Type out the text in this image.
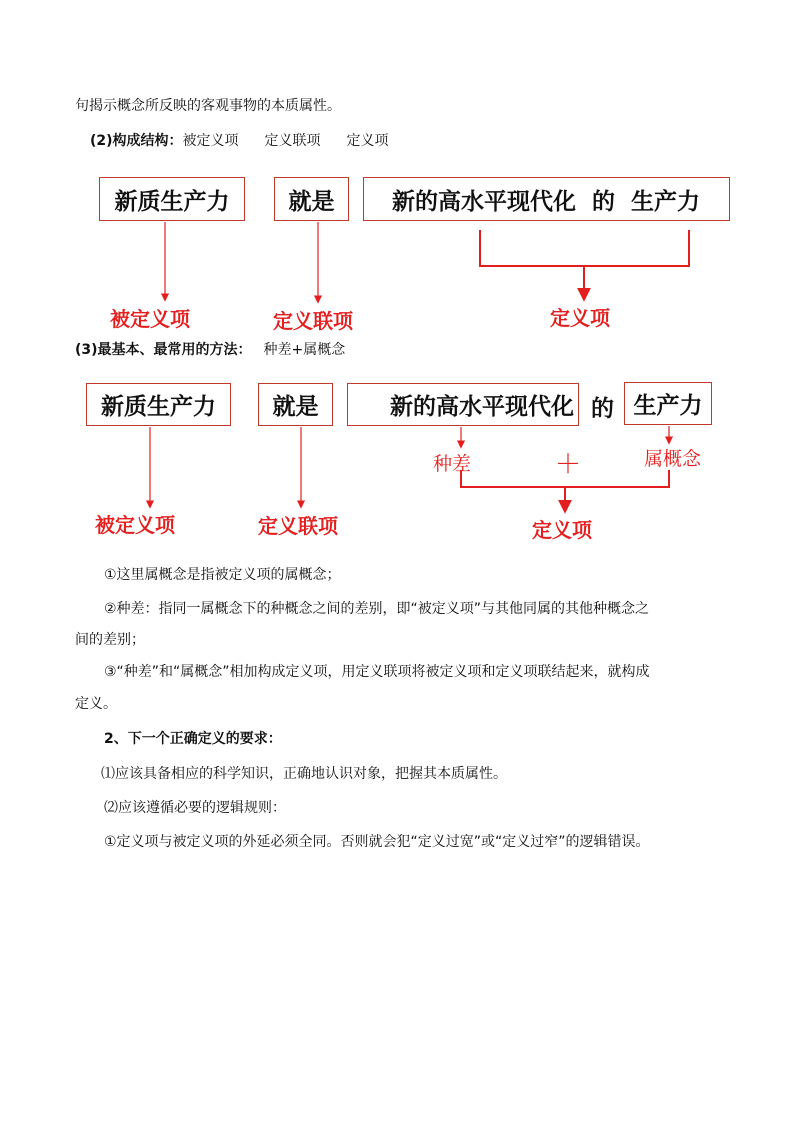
句揭示概念所反映的客观事物的本质属性。
(2)构成结构：被定义项 定义联项 定义项
新质生产力	就是	新的高水平现代化  的  生产力
被定义项	定义联项	定义项
(3)最基本、最常用的方法： 种差+属概念
新质生产力	就是	新的高水平现代化 的 生产力
种差	＋	属概念
被定义项	定义联项	定义项
①这里属概念是指被定义项的属概念；
②种差：指同一属概念下的种概念之间的差别，即“被定义项”与其他同属的其他种概念之
间的差别；
③“种差”和“属概念”相加构成定义项，用定义联项将被定义项和定义项联结起来，就构成
定义。
2、下一个正确定义的要求：
⑴应该具备相应的科学知识，正确地认识对象，把握其本质属性。
⑵应该遵循必要的逻辑规则：
①定义项与被定义项的外延必须全同。否则就会犯“定义过宽”或“定义过窄”的逻辑错误。
